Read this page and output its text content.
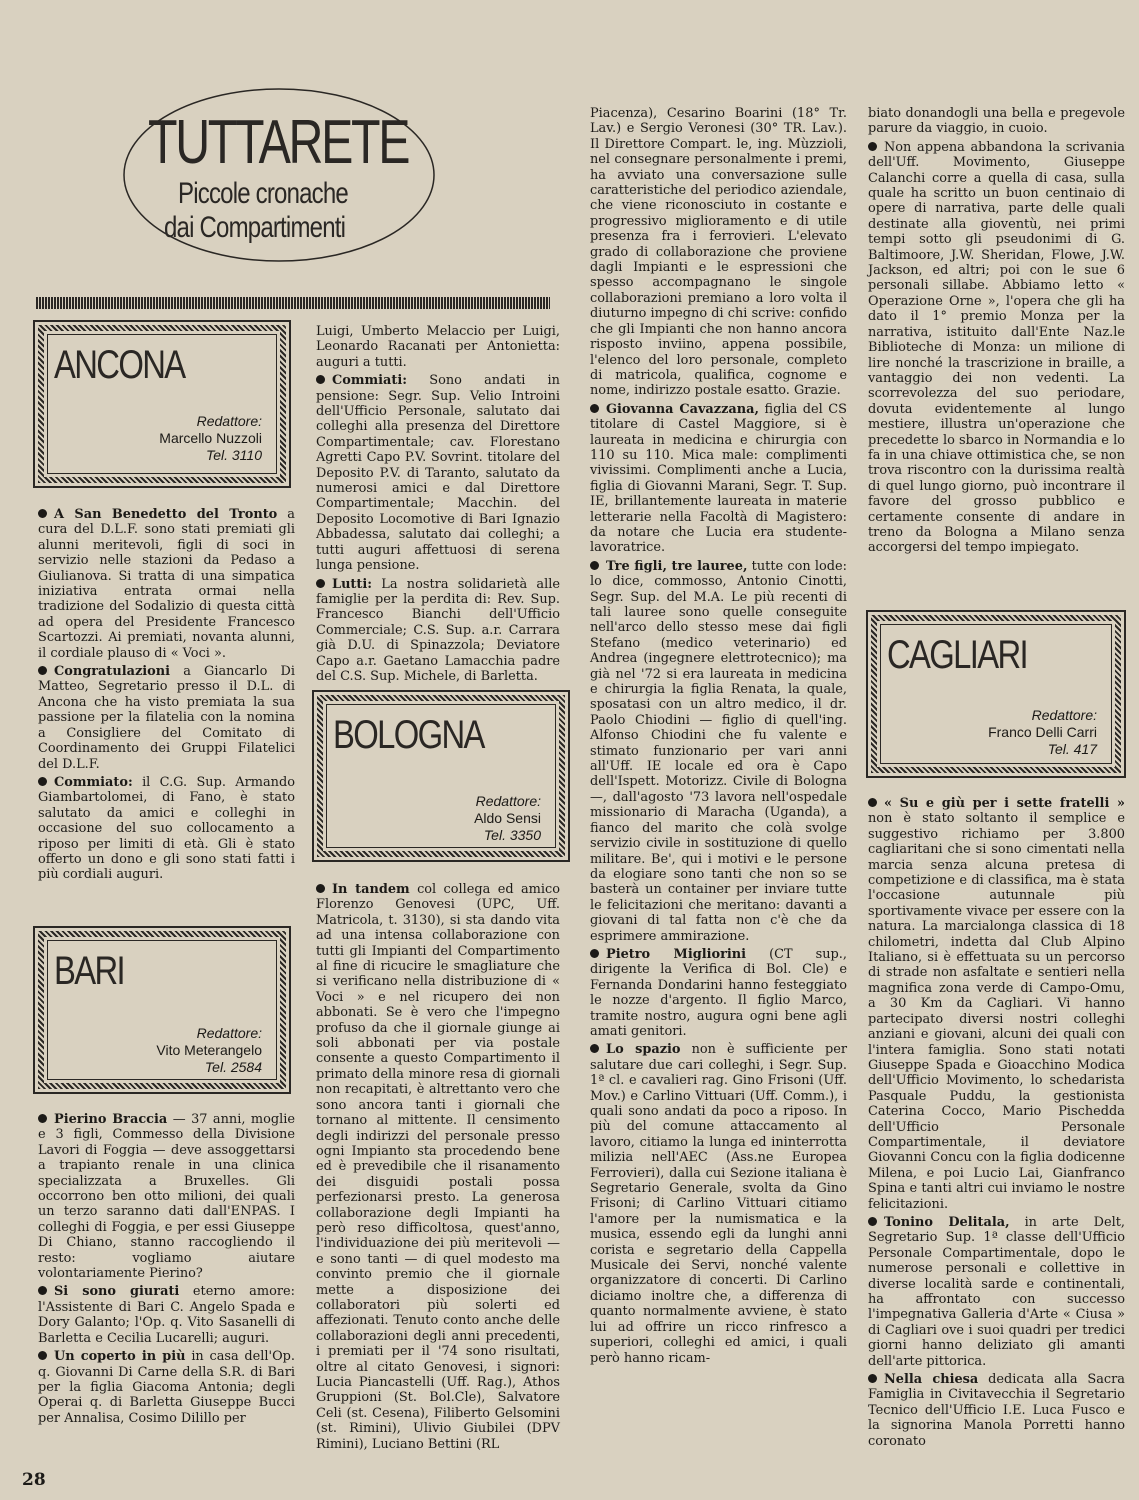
TUTTARETE
Piccole cronache
dai Compartimenti
ANCONA
Redattore:
Marcello Nuzzoli
Tel. 3110

A San Benedetto del Tronto a cura del D.L.F. sono stati premiati gli alunni meritevoli, figli di soci in servizio nelle stazioni da Pedaso a Giulianova. Si tratta di una simpatica iniziativa entrata ormai nella tradizione del Sodalizio di questa città ad opera del Presidente Francesco Scartozzi. Ai premiati, novanta alunni, il cordiale plauso di « Voci ».

Congratulazioni a Giancarlo Di Matteo, Segretario presso il D.L. di Ancona che ha visto premiata la sua passione per la filatelia con la nomina a Consigliere del Comitato di Coordinamento dei Gruppi Filatelici del D.L.F.

Commiato: il C.G. Sup. Armando Giambartolomei, di Fano, è stato salutato da amici e colleghi in occasione del suo collocamento a riposo per limiti di età. Gli è stato offerto un dono e gli sono stati fatti i più cordiali auguri.

BARI
Redattore:
Vito Meterangelo
Tel. 2584

Pierino Braccia — 37 anni, moglie e 3 figli, Commesso della Divisione Lavori di Foggia — deve assoggettarsi a trapianto renale in una clinica specializzata a Bruxelles. Gli occorrono ben otto milioni, dei quali un terzo saranno dati dall'ENPAS. I colleghi di Foggia, e per essi Giuseppe Di Chiano, stanno raccogliendo il resto: vogliamo aiutare volontariamente Pierino?

Si sono giurati eterno amore: l'Assistente di Bari C. Angelo Spada e Dory Galanto; l'Op. q. Vito Sasanelli di Barletta e Cecilia Lucarelli; auguri.

Un coperto in più in casa dell'Op. q. Giovanni Di Carne della S.R. di Bari per la figlia Giacoma Antonia; degli Operai q. di Barletta Giuseppe Bucci per Annalisa, Cosimo Dilillo per

Luigi, Umberto Melaccio per Luigi, Leonardo Racanati per Antonietta: auguri a tutti.

Commiati: Sono andati in pensione: Segr. Sup. Velio Introini dell'Ufficio Personale, salutato dai colleghi alla presenza del Direttore Compartimentale; cav. Florestano Agretti Capo P.V. Sovrint. titolare del Deposito P.V. di Taranto, salutato da numerosi amici e dal Direttore Compartimentale; Macchin. del Deposito Locomotive di Bari Ignazio Abbadessa, salutato dai colleghi; a tutti auguri affettuosi di serena lunga pensione.

Lutti: La nostra solidarietà alle famiglie per la perdita di: Rev. Sup. Francesco Bianchi dell'Ufficio Commerciale; C.S. Sup. a.r. Carrara già D.U. di Spinazzola; Deviatore Capo a.r. Gaetano Lamacchia padre del C.S. Sup. Michele, di Barletta.

BOLOGNA
Redattore:
Aldo Sensi
Tel. 3350

In tandem col collega ed amico Florenzo Genovesi (UPC, Uff. Matricola, t. 3130), si sta dando vita ad una intensa collaborazione con tutti gli Impianti del Compartimento al fine di ricucire le smagliature che si verificano nella distribuzione di « Voci » e nel ricupero dei non abbonati. Se è vero che l'impegno profuso da che il giornale giunge ai soli abbonati per via postale consente a questo Compartimento il primato della minore resa di giornali non recapitati, è altrettanto vero che sono ancora tanti i giornali che tornano al mittente. Il censimento degli indirizzi del personale presso ogni Impianto sta procedendo bene ed è prevedibile che il risanamento dei disguidi postali possa perfezionarsi presto. La generosa collaborazione degli Impianti ha però reso difficoltosa, quest'anno, l'individuazione dei più meritevoli — e sono tanti — di quel modesto ma convinto premio che il giornale mette a disposizione dei collaboratori più solerti ed affezionati. Tenuto conto anche delle collaborazioni degli anni precedenti, i premiati per il '74 sono risultati, oltre al citato Genovesi, i signori: Lucia Piancastelli (Uff. Rag.), Athos Gruppioni (St. Bol.Cle), Salvatore Celi (st. Cesena), Filiberto Gelsomini (st. Rimini), Ulivio Giubilei (DPV Rimini), Luciano Bettini (RL

Piacenza), Cesarino Boarini (18° Tr. Lav.) e Sergio Veronesi (30° TR. Lav.). Il Direttore Compart. le, ing. Mùzzioli, nel consegnare personalmente i premi, ha avviato una conversazione sulle caratteristiche del periodico aziendale, che viene riconosciuto in costante e progressivo miglioramento e di utile presenza fra i ferrovieri. L'elevato grado di collaborazione che proviene dagli Impianti e le espressioni che spesso accompagnano le singole collaborazioni premiano a loro volta il diuturno impegno di chi scrive: confido che gli Impianti che non hanno ancora risposto inviino, appena possibile, l'elenco del loro personale, completo di matricola, qualifica, cognome e nome, indirizzo postale esatto. Grazie.

Giovanna Cavazzana, figlia del CS titolare di Castel Maggiore, si è laureata in medicina e chirurgia con 110 su 110. Mica male: complimenti vivissimi. Complimenti anche a Lucia, figlia di Giovanni Marani, Segr. T. Sup. IE, brillantemente laureata in materie letterarie nella Facoltà di Magistero: da notare che Lucia era studente-lavoratrice.

Tre figli, tre lauree, tutte con lode: lo dice, commosso, Antonio Cinotti, Segr. Sup. del M.A. Le più recenti di tali lauree sono quelle conseguite nell'arco dello stesso mese dai figli Stefano (medico veterinario) ed Andrea (ingegnere elettrotecnico); ma già nel '72 si era laureata in medicina e chirurgia la figlia Renata, la quale, sposatasi con un altro medico, il dr. Paolo Chiodini — figlio di quell'ing. Alfonso Chiodini che fu valente e stimato funzionario per vari anni all'Uff. IE locale ed ora è Capo dell'Ispett. Motorizz. Civile di Bologna —, dall'agosto '73 lavora nell'ospedale missionario di Maracha (Uganda), a fianco del marito che colà svolge servizio civile in sostituzione di quello militare. Be', qui i motivi e le persone da elogiare sono tanti che non so se basterà un container per inviare tutte le felicitazioni che meritano: davanti a giovani di tal fatta non c'è che da esprimere ammirazione.

Pietro Migliorini (CT sup., dirigente la Verifica di Bol. Cle) e Fernanda Dondarini hanno festeggiato le nozze d'argento. Il figlio Marco, tramite nostro, augura ogni bene agli amati genitori.

Lo spazio non è sufficiente per salutare due cari colleghi, i Segr. Sup. 1ª cl. e cavalieri rag. Gino Frisoni (Uff. Mov.) e Carlino Vittuari (Uff. Comm.), i quali sono andati da poco a riposo. In più del comune attaccamento al lavoro, citiamo la lunga ed ininterrotta milizia nell'AEC (Ass.ne Europea Ferrovieri), dalla cui Sezione italiana è Segretario Generale, svolta da Gino Frisoni; di Carlino Vittuari citiamo l'amore per la numismatica e la musica, essendo egli da lunghi anni corista e segretario della Cappella Musicale dei Servi, nonché valente organizzatore di concerti. Di Carlino diciamo inoltre che, a differenza di quanto normalmente avviene, è stato lui ad offrire un ricco rinfresco a superiori, colleghi ed amici, i quali però hanno ricam-

biato donandogli una bella e pregevole parure da viaggio, in cuoio.

Non appena abbandona la scrivania dell'Uff. Movimento, Giuseppe Calanchi corre a quella di casa, sulla quale ha scritto un buon centinaio di opere di narrativa, parte delle quali destinate alla gioventù, nei primi tempi sotto gli pseudonimi di G. Baltimoore, J.W. Sheridan, Flowe, J.W. Jackson, ed altri; poi con le sue 6 personali sillabe. Abbiamo letto « Operazione Orne », l'opera che gli ha dato il 1° premio Monza per la narrativa, istituito dall'Ente Naz.le Biblioteche di Monza: un milione di lire nonché la trascrizione in braille, a vantaggio dei non vedenti. La scorrevolezza del suo periodare, dovuta evidentemente al lungo mestiere, illustra un'operazione che precedette lo sbarco in Normandia e lo fa in una chiave ottimistica che, se non trova riscontro con la durissima realtà di quel lungo giorno, può incontrare il favore del grosso pubblico e certamente consente di andare in treno da Bologna a Milano senza accorgersi del tempo impiegato.

CAGLIARI
Redattore:
Franco Delli Carri
Tel. 417

« Su e giù per i sette fratelli » non è stato soltanto il semplice e suggestivo richiamo per 3.800 cagliaritani che si sono cimentati nella marcia senza alcuna pretesa di competizione e di classifica, ma è stata l'occasione autunnale più sportivamente vivace per essere con la natura. La marcialonga classica di 18 chilometri, indetta dal Club Alpino Italiano, si è effettuata su un percorso di strade non asfaltate e sentieri nella magnifica zona verde di Campo-Omu, a 30 Km da Cagliari. Vi hanno partecipato diversi nostri colleghi anziani e giovani, alcuni dei quali con l'intera famiglia. Sono stati notati Giuseppe Spada e Gioacchino Modica dell'Ufficio Movimento, lo schedarista Pasquale Puddu, la gestionista Caterina Cocco, Mario Pischedda dell'Ufficio Personale Compartimentale, il deviatore Giovanni Concu con la figlia dodicenne Milena, e poi Lucio Lai, Gianfranco Spina e tanti altri cui inviamo le nostre felicitazioni.

Tonino Delitala, in arte Delt, Segretario Sup. 1ª classe dell'Ufficio Personale Compartimentale, dopo le numerose personali e collettive in diverse località sarde e continentali, ha affrontato con successo l'impegnativa Galleria d'Arte « Ciusa » di Cagliari ove i suoi quadri per tredici giorni hanno deliziato gli amanti dell'arte pittorica.

Nella chiesa dedicata alla Sacra Famiglia in Civitavecchia il Segretario Tecnico dell'Ufficio I.E. Luca Fusco e la signorina Manola Porretti hanno coronato

28
